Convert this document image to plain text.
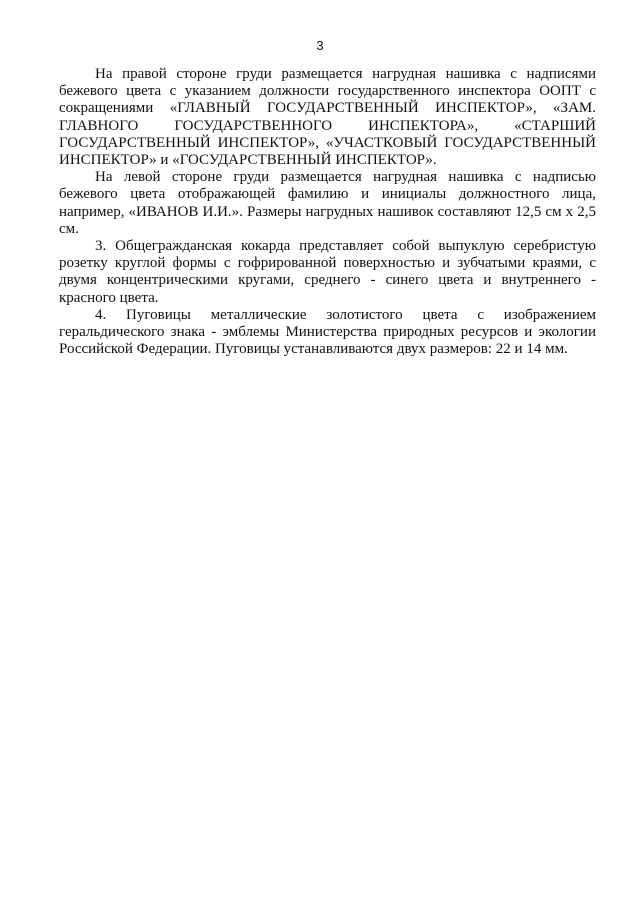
3

На правой стороне груди размещается нагрудная нашивка с надписями бежевого цвета с указанием должности государственного инспектора ООПТ с сокращениями «ГЛАВНЫЙ ГОСУДАРСТВЕННЫЙ ИНСПЕКТОР», «ЗАМ. ГЛАВНОГО ГОСУДАРСТВЕННОГО ИНСПЕКТОРА», «СТАРШИЙ ГОСУДАРСТВЕННЫЙ ИНСПЕКТОР», «УЧАСТКОВЫЙ ГОСУДАРСТВЕННЫЙ ИНСПЕКТОР» и «ГОСУДАРСТВЕННЫЙ ИНСПЕКТОР».

На левой стороне груди размещается нагрудная нашивка с надписью бежевого цвета отображающей фамилию и инициалы должностного лица, например, «ИВАНОВ И.И.». Размеры нагрудных нашивок составляют 12,5 см х 2,5 см.

3. Общегражданская кокарда представляет собой выпуклую серебристую розетку круглой формы с гофрированной поверхностью и зубчатыми краями, с двумя концентрическими кругами, среднего - синего цвета и внутреннего - красного цвета.

4. Пуговицы металлические золотистого цвета с изображением геральдического знака - эмблемы Министерства природных ресурсов и экологии Российской Федерации. Пуговицы устанавливаются двух размеров: 22 и 14 мм.
